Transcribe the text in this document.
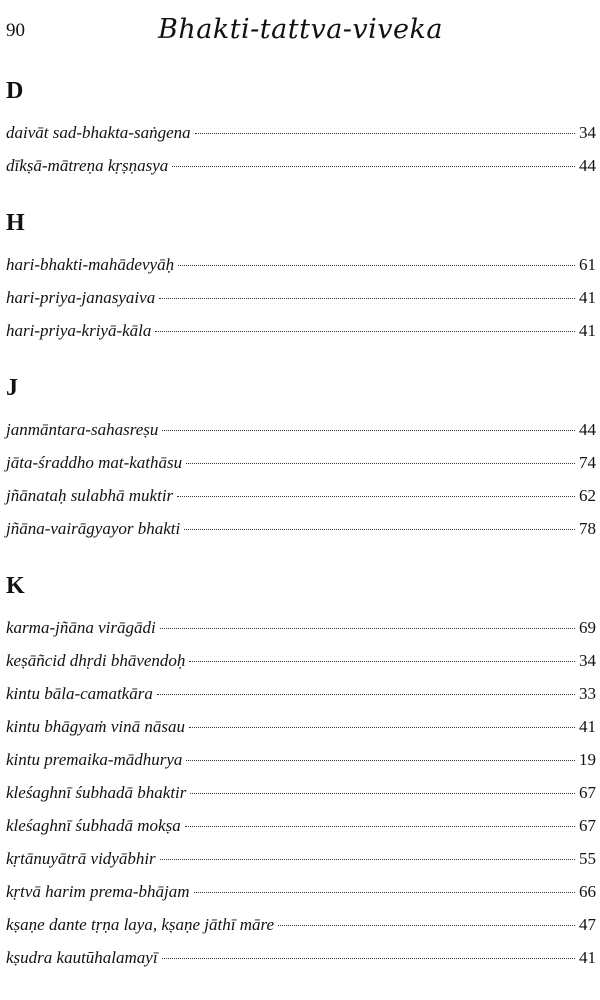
90	Bhakti-tattva-viveka
D
daivāt sad-bhakta-saṅgena	34
dīkṣā-mātreṇa kṛṣṇasya	44
H
hari-bhakti-mahādevyāḥ	61
hari-priya-janasyaiva	41
hari-priya-kriyā-kāla	41
J
janmāntara-sahasreṣu	44
jāta-śraddho mat-kathāsu	74
jñānataḥ sulabhā muktir	62
jñāna-vairāgyayor bhakti	78
K
karma-jñāna virāgādi	69
keṣāñcid dhṛdi bhāvendoḥ	34
kintu bāla-camatkāra	33
kintu bhāgyaṁ vinā nāsau	41
kintu premaika-mādhurya	19
kleśaghnī śubhadā bhaktir	67
kleśaghnī śubhadā mokṣa	67
kṛtānuyātrā vidyābhir	55
kṛtvā harim prema-bhājam	66
kṣaṇe dante tṛṇa laya, kṣaṇe jāthī māre	47
kṣudra kautūhalamayī	41
